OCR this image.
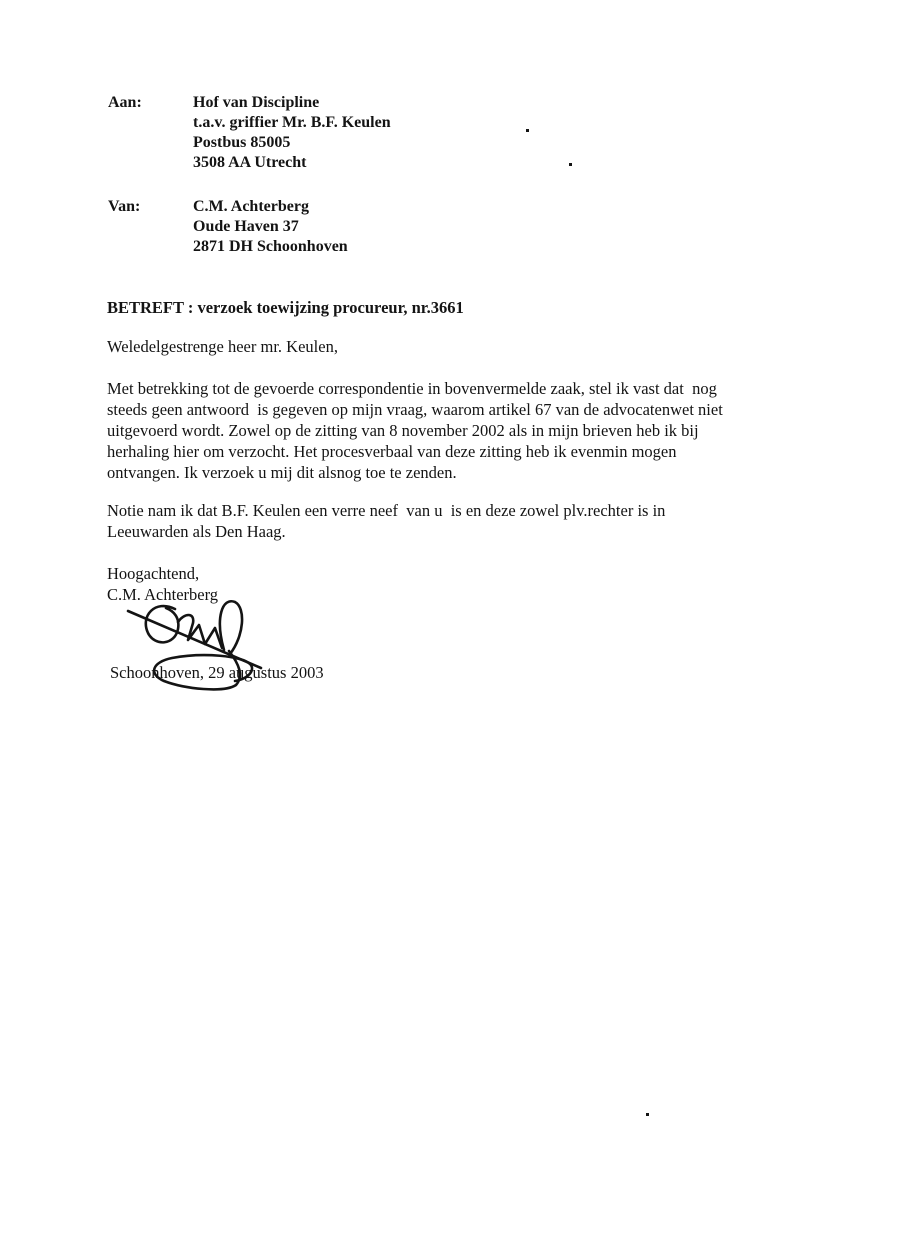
Aan:	Hof van Discipline
t.a.v. griffier Mr. B.F. Keulen
Postbus 85005
3508 AA Utrecht
Van:	C.M. Achterberg
Oude Haven 37
2871 DH Schoonhoven
BETREFT : verzoek toewijzing procureur, nr.3661
Weledelgestrenge heer mr. Keulen,
Met betrekking tot de gevoerde correspondentie in bovenvermelde zaak, stel ik vast dat  nog
steeds geen antwoord  is gegeven op mijn vraag, waarom artikel 67 van de advocatenwet niet
uitgevoerd wordt. Zowel op de zitting van 8 november 2002 als in mijn brieven heb ik bij
herhaling hier om verzocht. Het procesverbaal van deze zitting heb ik evenmin mogen
ontvangen. Ik verzoek u mij dit alsnog toe te zenden.
Notie nam ik dat B.F. Keulen een verre neef  van u  is en deze zowel plv.rechter is in
Leeuwarden als Den Haag.
Hoogachtend,
C.M. Achterberg
Schoonhoven, 29 augustus 2003
